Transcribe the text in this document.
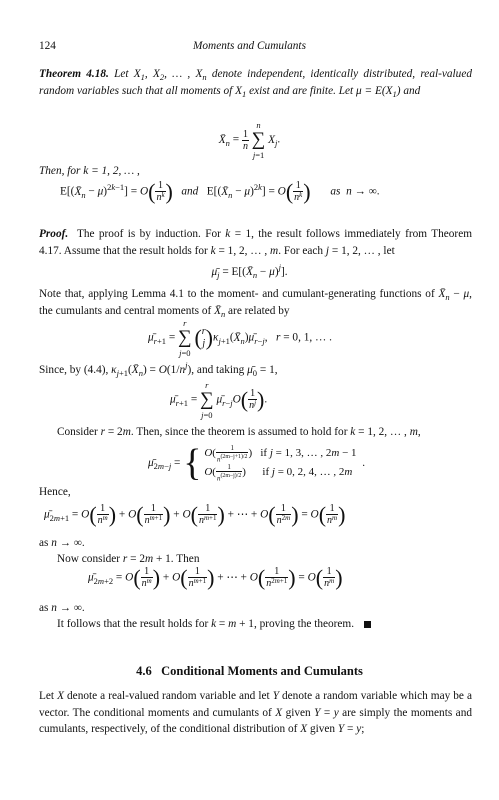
124	Moments and Cumulants
Theorem 4.18. Let $X_1$, $X_2$, … , $X_n$ denote independent, identically distributed, real-valued random variables such that all moments of $X_1$ exist and are finite. Let $\mu = E(X_1)$ and
$X̄_n = \frac{1}{n}$
n
∑
j=1 $X_j$.
Then, for k = 1, 2, … ,
$E[(X̄_n - \mu)^{2k-1}] = O( \frac{1}{n^k}$ ) and   $E[(X̄_n - \mu)^{2k}] = O( \frac{1}{n^k}$ ) as n → ∞.
Proof.  The proof is by induction. For k = 1, the result follows immediately from Theorem 4.17. Assume that the result holds for k = 1, 2, … , m. For each j = 1, 2, … , let
$\mū_j$ = $E[(X̄_n - \mu)^j]$.
Note that, applying Lemma 4.1 to the moment- and cumulant-generating functions of $X̄_n - \mu$, the cumulants and central moments of $X̄_n$ are related by
$\mū_{r+1} = r$
∑
j=0 ( r
j )$\kappa_{j+1}(X̄_n)\mū_{r-j}$,   r = 0, 1, … .
Since, by (4.4), $\kappa_{j+1}(X̄_n) = O(1/n^j)$, and taking $\mū_0 = 1$,
$\mū_{r+1} = r$
∑
j=0 $\mū_{r-j}O( \frac{1}{n^j}$ ).
Consider r = 2m. Then, since the theorem is assumed to hold for k = 1, 2, … , m,
$\mū_{2m-j}$ = { $O( \frac{1}{n^{(2m-j+1)/2}}$ )   if j = 1, 3, … , 2m − 1
$O( \frac{1}{n^{(2m-j)/2}}$ )      if j = 0, 2, 4, … , 2m
.
Hence,
$\mū_{2m+1} = O( \frac{1}{n^m}$ ) + $O( \frac{1}{n^{m+1}}$ ) + $O( \frac{1}{n^{m+1}}$ ) + ⋯ + $O( \frac{1}{n^{2m}}$ ) = $O( \frac{1}{n^m}$ )
as n → ∞.
Now consider r = 2m + 1. Then
$\mū_{2m+2} = O( \frac{1}{n^m}$ ) + $O( \frac{1}{n^{m+1}}$ ) + ⋯ + $O( \frac{1}{n^{2m+1}}$ ) = $O( \frac{1}{n^m}$ )
as n → ∞.
It follows that the result holds for k = m + 1, proving the theorem.
4.6 Conditional Moments and Cumulants
Let X denote a real-valued random variable and let Y denote a random variable which may be a vector. The conditional moments and cumulants of X given Y = y are simply the moments and cumulants, respectively, of the conditional distribution of X given Y = y;
